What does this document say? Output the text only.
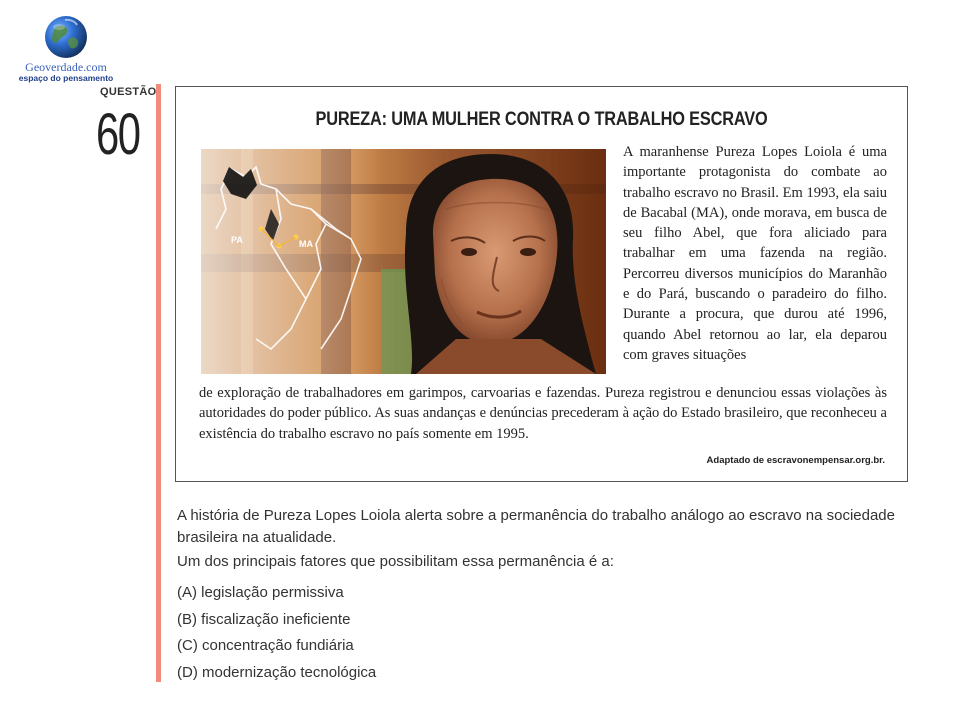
Geoverdade.com
espaço do pensamento
QUESTÃO
60	PUREZA: UMA MULHER CONTRA O TRABALHO ESCRAVO
PA	MA
A maranhense Pureza Lopes Loiola é uma importante protagonista do combate ao trabalho escravo no Brasil. Em 1993, ela saiu de Bacabal (MA), onde morava, em busca de seu filho Abel, que fora aliciado para trabalhar em uma fazenda na região. Percorreu diversos municípios do Maranhão e do Pará, buscando o paradeiro do filho. Durante a procura, que durou até 1996, quando Abel retornou ao lar, ela deparou com graves situações
de exploração de trabalhadores em garimpos, carvoarias e fazendas. Pureza registrou e denunciou essas violações às autoridades do poder público. As suas andanças e denúncias precederam à ação do Estado brasileiro, que reconheceu a existência do trabalho escravo no país somente em 1995.
Adaptado de escravonempensar.org.br.

A história de Pureza Lopes Loiola alerta sobre a permanência do trabalho análogo ao escravo na sociedade brasileira na atualidade.

Um dos principais fatores que possibilitam essa permanência é a:

(A) legislação permissiva
(B) fiscalização ineficiente
(C) concentração fundiária
(D) modernização tecnológica
